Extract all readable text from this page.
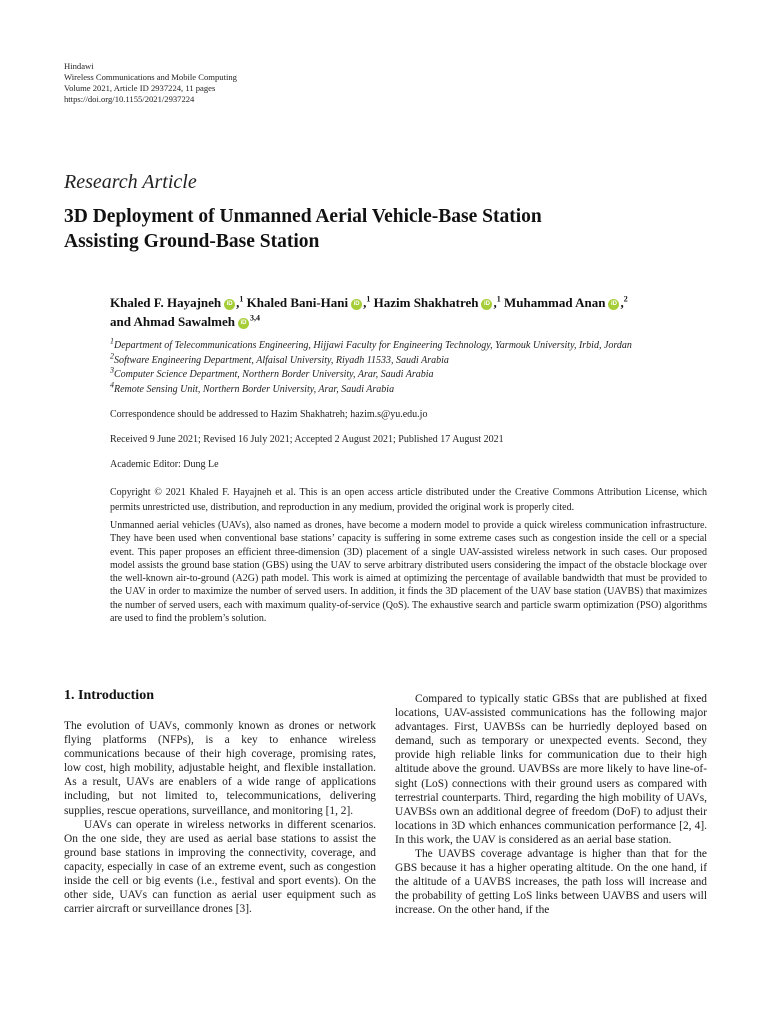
Hindawi
Wireless Communications and Mobile Computing
Volume 2021, Article ID 2937224, 11 pages
https://doi.org/10.1155/2021/2937224
Research Article
3D Deployment of Unmanned Aerial Vehicle-Base Station
Assisting Ground-Base Station
Khaled F. Hayajneh iD ,$^1$ Khaled Bani-Hani iD ,$^1$ Hazim Shakhatreh iD ,$^1$ Muhammad Anan iD ,$^2$
and Ahmad Sawalmeh iD $^{3,4}$
$^1$Department of Telecommunications Engineering, Hijjawi Faculty for Engineering Technology, Yarmouk University, Irbid, Jordan
$^2$Software Engineering Department, Alfaisal University, Riyadh 11533, Saudi Arabia
$^3$Computer Science Department, Northern Border University, Arar, Saudi Arabia
$^4$Remote Sensing Unit, Northern Border University, Arar, Saudi Arabia
Correspondence should be addressed to Hazim Shakhatreh; hazim.s@yu.edu.jo
Received 9 June 2021; Revised 16 July 2021; Accepted 2 August 2021; Published 17 August 2021
Academic Editor: Dung Le
Copyright © 2021 Khaled F. Hayajneh et al. This is an open access article distributed under the Creative Commons Attribution License, which permits unrestricted use, distribution, and reproduction in any medium, provided the original work is properly cited.
Unmanned aerial vehicles (UAVs), also named as drones, have become a modern model to provide a quick wireless communication infrastructure. They have been used when conventional base stations’ capacity is suffering in some extreme cases such as congestion inside the cell or a special event. This paper proposes an efficient three-dimension (3D) placement of a single UAV-assisted wireless network in such cases. Our proposed model assists the ground base station (GBS) using the UAV to serve arbitrary distributed users considering the impact of the obstacle blockage over the well-known air-to-ground (A2G) path model. This work is aimed at optimizing the percentage of available bandwidth that must be provided to the UAV in order to maximize the number of served users. In addition, it finds the 3D placement of the UAV base station (UAVBS) that maximizes the number of served users, each with maximum quality-of-service (QoS). The exhaustive search and particle swarm optimization (PSO) algorithms are used to find the problem’s solution.
1. Introduction

The evolution of UAVs, commonly known as drones or network flying platforms (NFPs), is a key to enhance wireless communications because of their high coverage, promising rates, low cost, high mobility, adjustable height, and flexible installation. As a result, UAVs are enablers of a wide range of applications including, but not limited to, telecommunications, delivering supplies, rescue operations, surveillance, and monitoring [1, 2].

UAVs can operate in wireless networks in different scenarios. On the one side, they are used as aerial base stations to assist the ground base stations in improving the connectivity, coverage, and capacity, especially in case of an extreme event, such as congestion inside the cell or big events (i.e., festival and sport events). On the other side, UAVs can function as aerial user equipment such as carrier aircraft or surveillance drones [3].

Compared to typically static GBSs that are published at fixed locations, UAV-assisted communications has the following major advantages. First, UAVBSs can be hurriedly deployed based on demand, such as temporary or unexpected events. Second, they provide high reliable links for communication due to their high altitude above the ground. UAVBSs are more likely to have line-of-sight (LoS) connections with their ground users as compared with terrestrial counterparts. Third, regarding the high mobility of UAVs, UAVBSs own an additional degree of freedom (DoF) to adjust their locations in 3D which enhances communication performance [2, 4]. In this work, the UAV is considered as an aerial base station.

The UAVBS coverage advantage is higher than that for the GBS because it has a higher operating altitude. On the one hand, if the altitude of a UAVBS increases, the path loss will increase and the probability of getting LoS links between UAVBS and users will increase. On the other hand, if the
